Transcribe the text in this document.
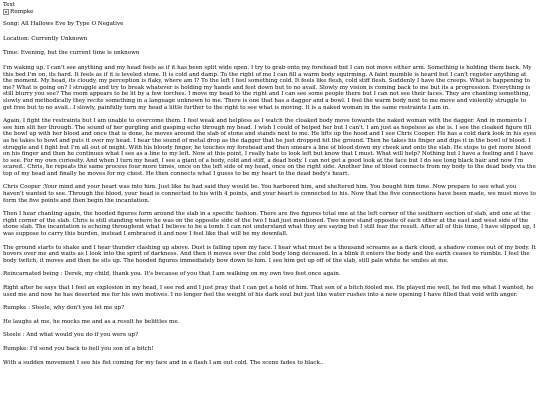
Text
Rumpke

Song: All Hallows Eve by Type O Negative

Location: Currently Unknown

Time: Evening, but the current time is unknown

I'm waking up, I can't see anything and my head feels as if it has been split wide open. I try to grab onto my forehead but I can not move either arm. Something is holding them back. My this bed I'm on, its hard. It feels as if it is leveled stone. It is cold and damp. To the right of me I can fill a warm body squirming. A faint mumble is heard but I can't register anything at the moment. My head, its cloudy, my perception is flaky, where am I? To the left I feel something cold. It feels like flesh, cold stiff flesh. Suddenly I have the creeps. What is happening to me? What is going on? I struggle and try to break whatever is holding my hands and feet down but to no avail. Slowly my vision is coming back to me but its a progression. Everything is still blurry you see? The room appears to be lit by a few torches. I move my head to the right and I can see some people there but I can not see their faces. They are chanting something, slowly and methodically they recite something in a language unknown to me. There is one that has a dagger and a bowl. I feel the warm body next to me move and violently struggle to get free but to no avail.. I slowly, painfully turn my head a little further to the right to see what is moving. It is a naked woman in the same restraints I am in.

Again, I fight the restraints but I am unable to overcome them. I feel weak and helpless as I watch the cloaked body move towards the naked woman with the dagger. And in moments I see him slit her through. The sound of her gurgling and gasping echo through my head. I wish I could of helped her but I can't. I am just as hopeless as she is. I see the cloaked figure fill the bowl up with her blood and once that is done, he moves around the slab of stone and stands next to me. He lifts up the hood and I see Chris Cooper. He has a cold dark look in his eyes as he takes to bowl and puts it over my head. I hear the sound of metal drop as the dagger that he just dropped hit the ground. Then he takes his finger and dips it in the bowl of blood. I struggle and I fight but I'm all out of might. With his bloody finger, he touches my forehead and then smears a line of blood down my cheek and onto the slab. He stops to get more blood on his finger and then he continues what I see as a line to my left. Now at this point, I really hate to look left but know that I must. What will help? Nothing but I have a feeling and I have to see. For my own curiosity. And when I turn my head, I see a giant of a body, cold and stiff, a dead body. I can not get a good look at the face but I do see long black hair and now I'm scared.. Chris, he repeats the same process four more times, once on the left side of my head, once on the right side. Another line of blood connects from my body to the dead body via the top of my head and finally he moves for my chest. He then connects what I guess to be my heart to the dead body's heart.

Chris Cooper :Your mind and your heart was into him. Just like he had said they would be. You harbored him, and sheltered him. You bought him time. Now prepare to see what you haven't wanted to see. Through the blood, your head is connected to his with 4 points, and your heart is connected to his. Now that the five connections have been made, we must move to form the five points and then begin the incantation.

Then I hear chanting again, the hooded figures form around the slab in a specific fashion. There are five figures total one at the left corner of the southern section of slab, and one at the right corner of the slab. Chris is still standing where he was on the opposite side of the two I had just mentioned. Two more stand opposite of each other at the east and west side of the stone slab. The incantation is echoing throughout what I believe to be a tomb. I can not understand what they are saying but I still fear the result. After all of this time, I have slipped up, I was suppose to carry this burden, instead I embraced it and now I feel like that will be my downfall.

The ground starts to shake and I hear thunder clashing up above. Dust is falling upon my face. I hear what must be a thousand screams as a dark cloud, a shadow comes out of my body. It hovers over me and waits as I look into the spirit of darkness. And then it moves over the cold body long deceased. In a blink it enters the body and the earth ceases to rumble. I feel the body twitch, it moves and then he sits up. The hooded figures immediately bow down to him. I see him get up off of the slab, still pale white he smiles at me.

Reincarnated being : Derek, my child, thank you. It's because of you that I am walking on my own two feet once again.

Right after he says that I feel an explosion in my head, I see red and I just pray that I can get a hold of him. That son of a bitch fooled me. He played me well, he fed me what I wanted, he used me and now he has deserted me for his own motives. I no longer feel the weight of his dark soul but just like water rushes into a new opening I have filled that void with anger.

Rumpke : Steele, why don't you let me up?

He laughs at me, he mocks me and as a result he belittles me.

Steele : And what would you do if you were up?

Rumpke: I'd send you back to hell you son of a bitch!

With a sudden movement I see his fist coming for my face and in a flash I am out cold. The scene fades to black..
